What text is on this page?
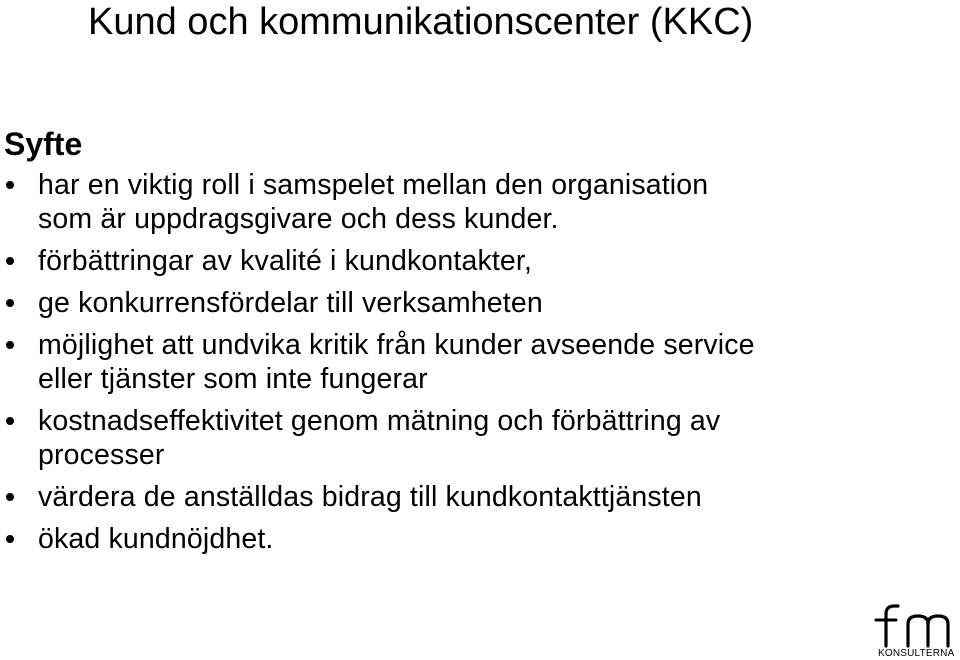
Kund och kommunikationscenter (KKC)
Syfte
har en viktig roll i samspelet mellan den organisation
som är uppdragsgivare och dess kunder.
förbättringar av kvalité i kundkontakter,
ge konkurrensfördelar till verksamheten
möjlighet att undvika kritik från kunder avseende service
eller tjänster som inte fungerar
kostnadseffektivitet genom mätning och förbättring av
processer
värdera de anställdas bidrag till kundkontakttjänsten
ökad kundnöjdhet.
KONSULTERNA
